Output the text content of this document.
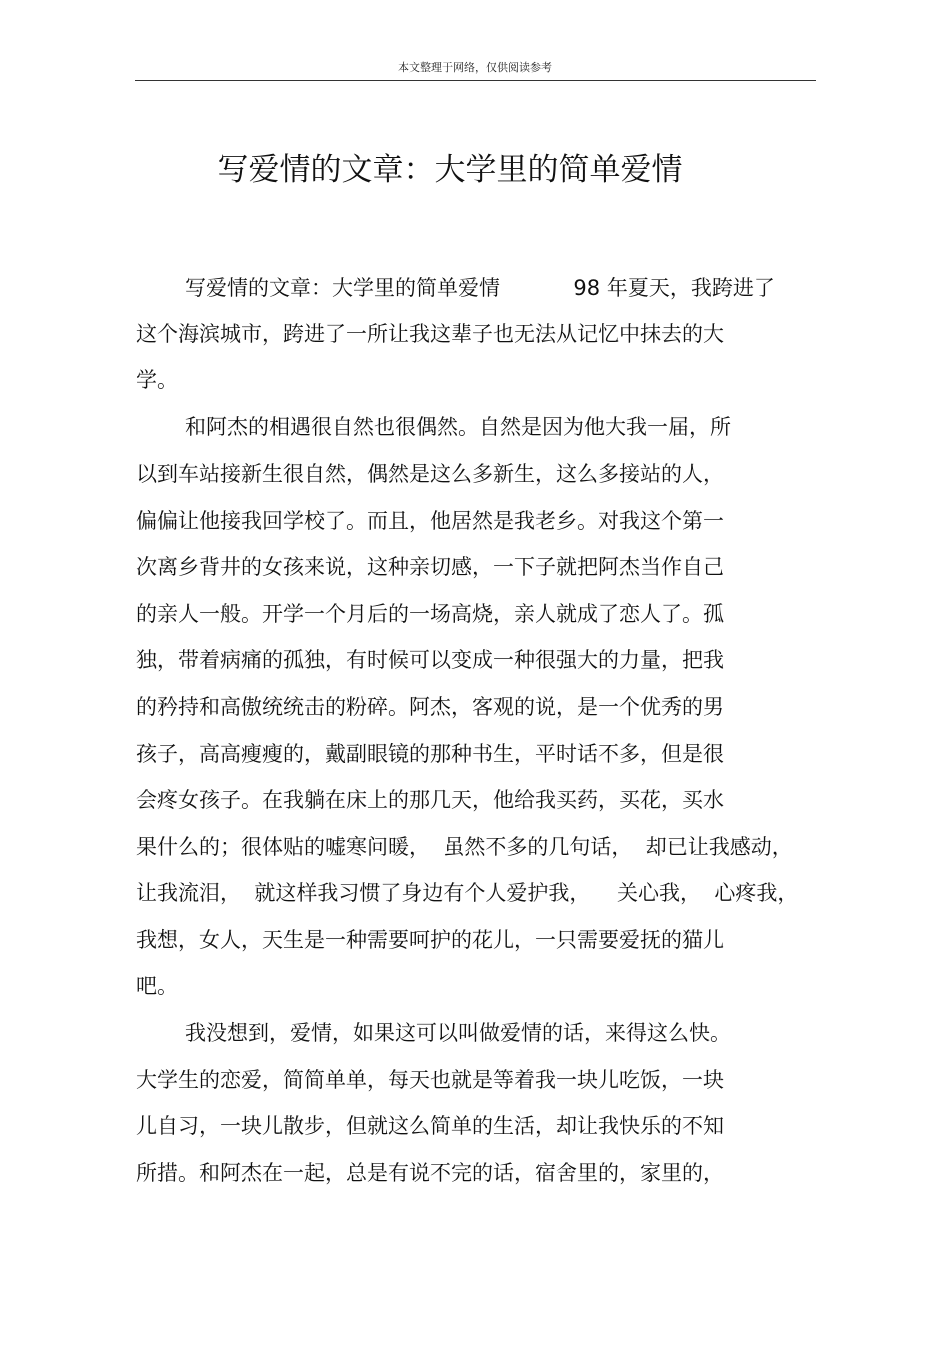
本文整理于网络，仅供阅读参考
写爱情的文章：大学里的简单爱情
写爱情的文章：大学里的简单爱情           98 年夏天，我跨进了
这个海滨城市，跨进了一所让我这辈子也无法从记忆中抹去的大
学。
和阿杰的相遇很自然也很偶然。自然是因为他大我一届，所
以到车站接新生很自然，偶然是这么多新生，这么多接站的人，
偏偏让他接我回学校了。而且，他居然是我老乡。对我这个第一
次离乡背井的女孩来说，这种亲切感，一下子就把阿杰当作自己
的亲人一般。开学一个月后的一场高烧，亲人就成了恋人了。孤
独，带着病痛的孤独，有时候可以变成一种很强大的力量，把我
的矜持和高傲统统击的粉碎。阿杰，客观的说，是一个优秀的男
孩子，高高瘦瘦的，戴副眼镜的那种书生，平时话不多，但是很
会疼女孩子。在我躺在床上的那几天，他给我买药，买花，买水
果什么的；很体贴的嘘寒问暖，  虽然不多的几句话，  却已让我感动，
让我流泪，  就这样我习惯了身边有个人爱护我，    关心我，  心疼我，
我想，女人，天生是一种需要呵护的花儿，一只需要爱抚的猫儿
吧。
我没想到，爱情，如果这可以叫做爱情的话，来得这么快。
大学生的恋爱，简简单单，每天也就是等着我一块儿吃饭，一块
儿自习，一块儿散步，但就这么简单的生活，却让我快乐的不知
所措。和阿杰在一起，总是有说不完的话，宿舍里的，家里的，
